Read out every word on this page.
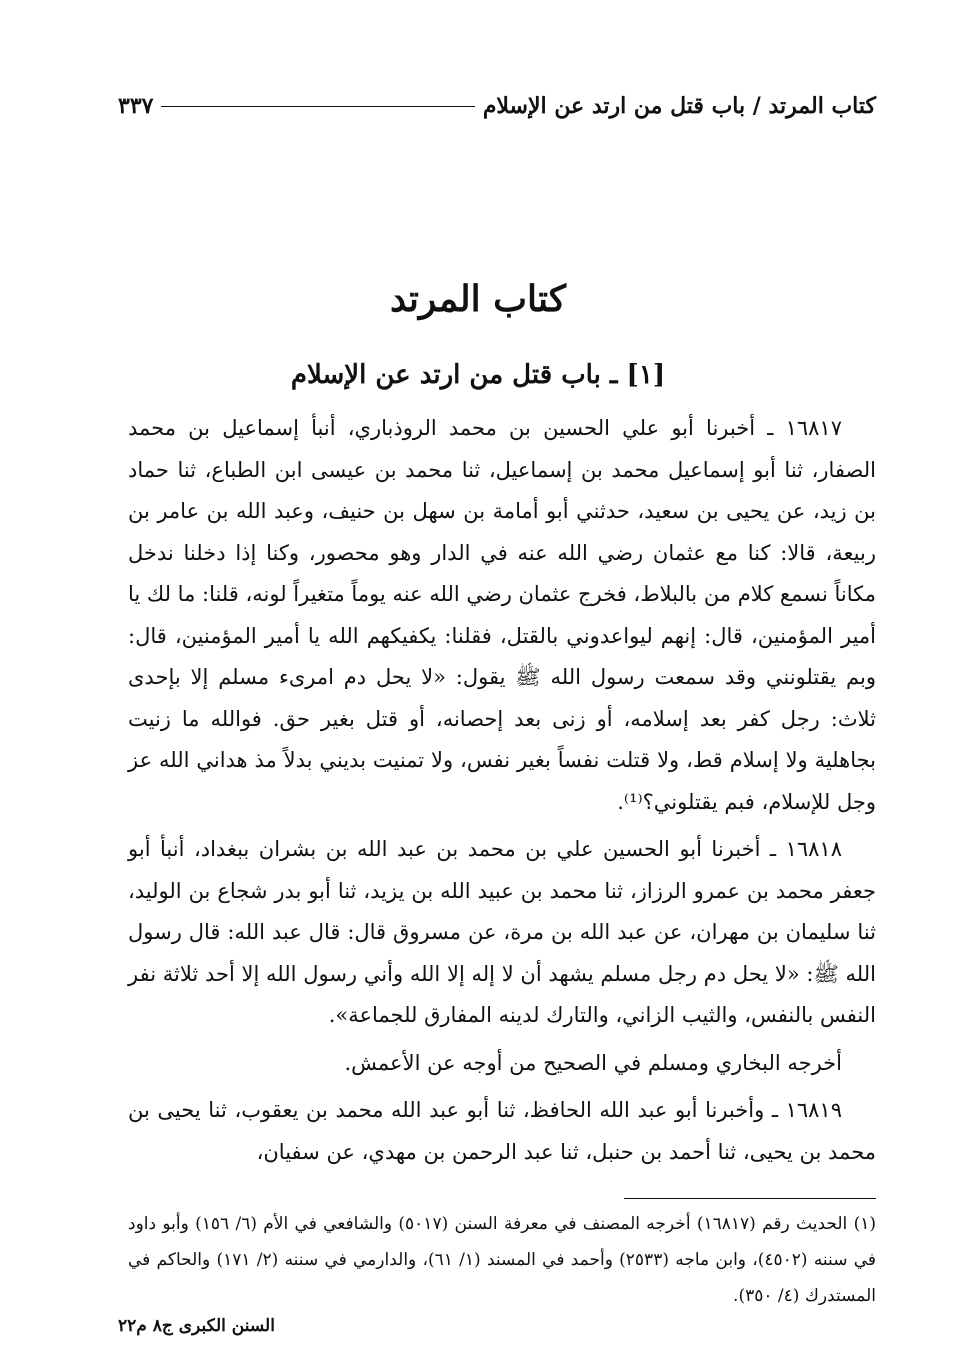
كتاب المرتد / باب قتل من ارتد عن الإسلام
٣٣٧
كتاب المرتد
[١] ـ باب قتل من ارتد عن الإسلام

١٦٨١٧ ـ أخبرنا أبو علي الحسين بن محمد الروذباري، أنبأ إسماعيل بن محمد الصفار، ثنا أبو إسماعيل محمد بن إسماعيل، ثنا محمد بن عيسى ابن الطباع، ثنا حماد بن زيد، عن يحيى بن سعيد، حدثني أبو أمامة بن سهل بن حنيف، وعبد الله بن عامر بن ربيعة، قالا: كنا مع عثمان رضي الله عنه في الدار وهو محصور، وكنا إذا دخلنا ندخل مكاناً نسمع كلام من بالبلاط، فخرج عثمان رضي الله عنه يوماً متغيراً لونه، قلنا: ما لك يا أمير المؤمنين، قال: إنهم ليواعدوني بالقتل، فقلنا: يكفيكهم الله يا أمير المؤمنين، قال: وبم يقتلونني وقد سمعت رسول الله ﷺ يقول: «لا يحل دم امرىء مسلم إلا بإحدى ثلاث: رجل كفر بعد إسلامه، أو زنى بعد إحصانه، أو قتل بغير حق. فوالله ما زنيت بجاهلية ولا إسلام قط، ولا قتلت نفساً بغير نفس، ولا تمنيت بديني بدلاً مذ هداني الله عز وجل للإسلام، فبم يقتلوني؟⁽¹⁾.

١٦٨١٨ ـ أخبرنا أبو الحسين علي بن محمد بن عبد الله بن بشران ببغداد، أنبأ أبو جعفر محمد بن عمرو الرزاز، ثنا محمد بن عبيد الله بن يزيد، ثنا أبو بدر شجاع بن الوليد، ثنا سليمان بن مهران، عن عبد الله بن مرة، عن مسروق قال: قال عبد الله: قال رسول الله ﷺ: «لا يحل دم رجل مسلم يشهد أن لا إله إلا الله وأني رسول الله إلا أحد ثلاثة نفر النفس بالنفس، والثيب الزاني، والتارك لدينه المفارق للجماعة».

أخرجه البخاري ومسلم في الصحيح من أوجه عن الأعمش.

١٦٨١٩ ـ وأخبرنا أبو عبد الله الحافظ، ثنا أبو عبد الله محمد بن يعقوب، ثنا يحيى بن محمد بن يحيى، ثنا أحمد بن حنبل، ثنا عبد الرحمن بن مهدي، عن سفيان،

(١) الحديث رقم (١٦٨١٧) أخرجه المصنف في معرفة السنن (٥٠١٧) والشافعي في الأم (٦/ ١٥٦) وأبو داود في سننه (٤٥٠٢)، وابن ماجه (٢٥٣٣) وأحمد في المسند (١/ ٦١)، والدارمي في سننه (٢/ ١٧١) والحاكم في المستدرك (٤/ ٣٥٠).

السنن الكبرى ج٨ م٢٢
